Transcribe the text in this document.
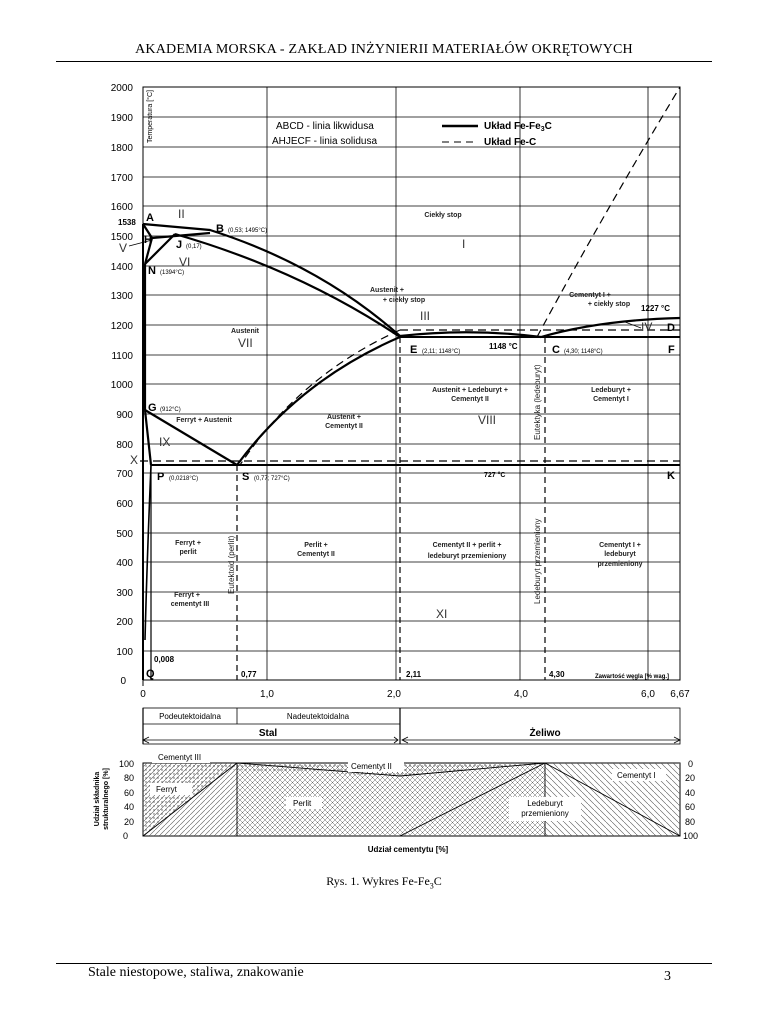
AKADEMIA MORSKA - ZAKŁAD INŻYNIERII MATERIAŁÓW OKRĘTOWYCH
2000
1900
1800
1700
1600
1500
1400
1300
1200
1100
1000
900
800
700
600
500
400
300
200
100
0
Temperatura [°C]
0	1,0	2,0	4,0	6,0 6,67
ABCD - linia likwidusa
AHJECF - linia solidusa
Układ $Fe-Fe_3C$
Układ Fe-C
A
1538
B (0,53; 1495°C)
H J (0,17)
N (1394°C)
C (4,30; 1148°C)
E (2,11; 1148°C)
D
F
K
G (912°C)
P (0,0218°C)	S (0,77; 727°C)
Q
1148 °C
727 °C
1227 °C
Ciekły stop
Austenit +
+ ciekły stop
Cementyt I +
+ ciekły stop
Austenit
Austenit + Ledeburyt +
Cementyt II
Ledeburyt +
Cementyt I
Ferryt + Austenit	Austenit +
Cementyt II
Ferryt +
perlit
Perlit +
Cementyt II
Cementyt II + perlit +
ledeburyt przemieniony
Cementyt I +
ledeburyt
przemieniony
Ferryt +
cementyt III
Eutektoid (perlit)
Eutektyka (ledeburyt)
Ledeburyt przemieniony
II
I
V
VI
III
IV
VII
VIII
IX
X
XI
0,008
0,77	2,11	4,30	Zawartość węgla [% wag.]
Podeutektoidalna	Nadeutektoidalna
Stal	Żeliwo
Cementyt III
Ferryt
Perlit
Cementyt II
Ledeburyt
przemieniony
Cementyt I
100
80
60
40
20
0
0
20
40
60
80
100
Udział składnika strukturalnego [%]
Udział cementytu [%]
Rys. 1. Wykres $Fe-Fe_3C$
Stale niestopowe, staliwa, znakowanie	3
